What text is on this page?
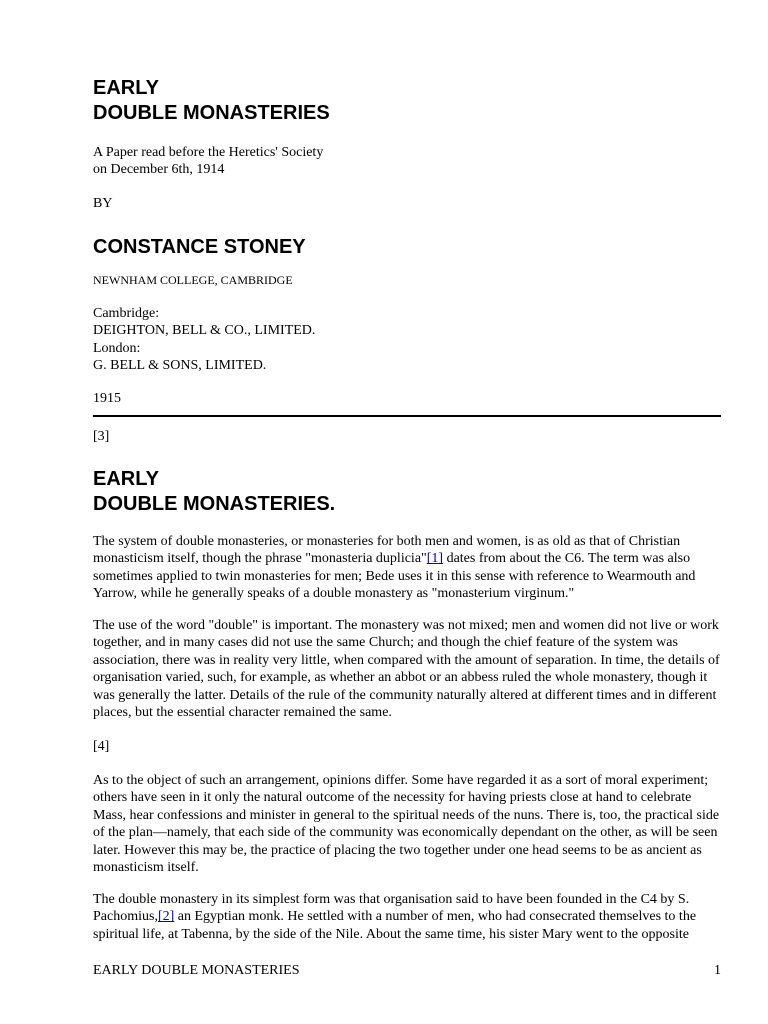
EARLY
DOUBLE MONASTERIES

A Paper read before the Heretics' Society
on December 6th, 1914

BY

CONSTANCE STONEY

NEWNHAM COLLEGE, CAMBRIDGE

Cambridge:
DEIGHTON, BELL & CO., LIMITED.
London:
G. BELL & SONS, LIMITED.

1915

[3]

EARLY
DOUBLE MONASTERIES.

The system of double monasteries, or monasteries for both men and women, is as old as that of Christian monasticism itself, though the phrase "monasteria duplicia"[1] dates from about the C6. The term was also sometimes applied to twin monasteries for men; Bede uses it in this sense with reference to Wearmouth and Yarrow, while he generally speaks of a double monastery as "monasterium virginum."

The use of the word "double" is important. The monastery was not mixed; men and women did not live or work together, and in many cases did not use the same Church; and though the chief feature of the system was association, there was in reality very little, when compared with the amount of separation. In time, the details of organisation varied, such, for example, as whether an abbot or an abbess ruled the whole monastery, though it was generally the latter. Details of the rule of the community naturally altered at different times and in different places, but the essential character remained the same.

[4]

As to the object of such an arrangement, opinions differ. Some have regarded it as a sort of moral experiment; others have seen in it only the natural outcome of the necessity for having priests close at hand to celebrate Mass, hear confessions and minister in general to the spiritual needs of the nuns. There is, too, the practical side of the plan—namely, that each side of the community was economically dependant on the other, as will be seen later. However this may be, the practice of placing the two together under one head seems to be as ancient as monasticism itself.

The double monastery in its simplest form was that organisation said to have been founded in the C4 by S. Pachomius,[2] an Egyptian monk. He settled with a number of men, who had consecrated themselves to the spiritual life, at Tabenna, by the side of the Nile. About the same time, his sister Mary went to the opposite

EARLY DOUBLE MONASTERIES	1
